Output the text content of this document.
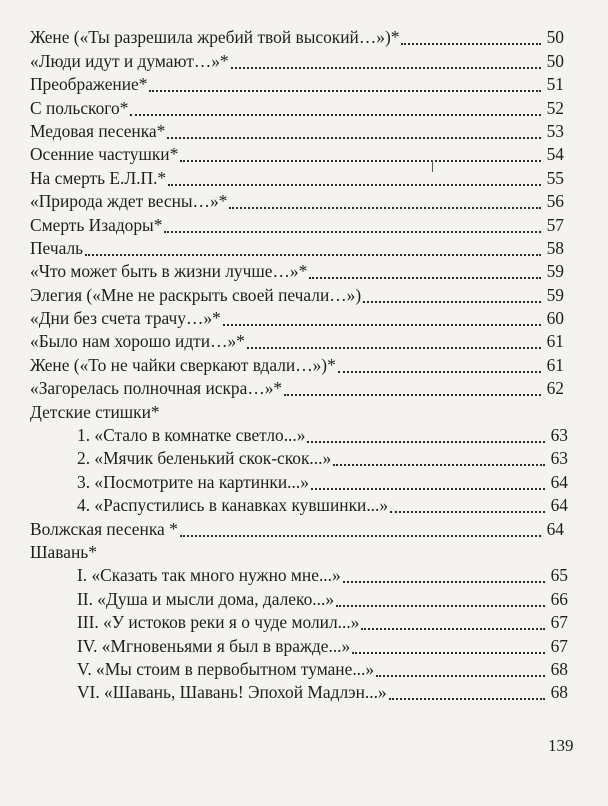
Жене («Ты разрешила жребий твой высокий…»)*	50
«Люди идут и думают…»*	50
Преображение*	51
С польского*	52
Медовая песенка*	53
Осенние частушки*	54
На смерть Е.Л.П.*	55
«Природа ждет весны…»*	56
Смерть Изадоры*	57
Печаль	58
«Что может быть в жизни лучше…»*	59
Элегия («Мне не раскрыть своей печали…»)	59
«Дни без счета трачу…»*	60
«Было нам хорошо идти…»*	61
Жене («То не чайки сверкают вдали…»)*	61
«Загорелась полночная искра…»*	62
Детские стишки*
1. «Стало в комнатке светло...»	63
2. «Мячик беленький скок-скок...»	63
3. «Посмотрите на картинки...»	64
4. «Распустились в канавках кувшинки...»	64
Волжская песенка *	64
Шавань*
I. «Сказать так много нужно мне...»	65
II. «Душа и мысли дома, далеко...»	66
III. «У истоков реки я о чуде молил...»	67
IV. «Мгновеньями я был в вражде...»	67
V. «Мы стоим в первобытном тумане...»	68
VI. «Шавань, Шавань! Эпохой Мадлэн...»	68
139
